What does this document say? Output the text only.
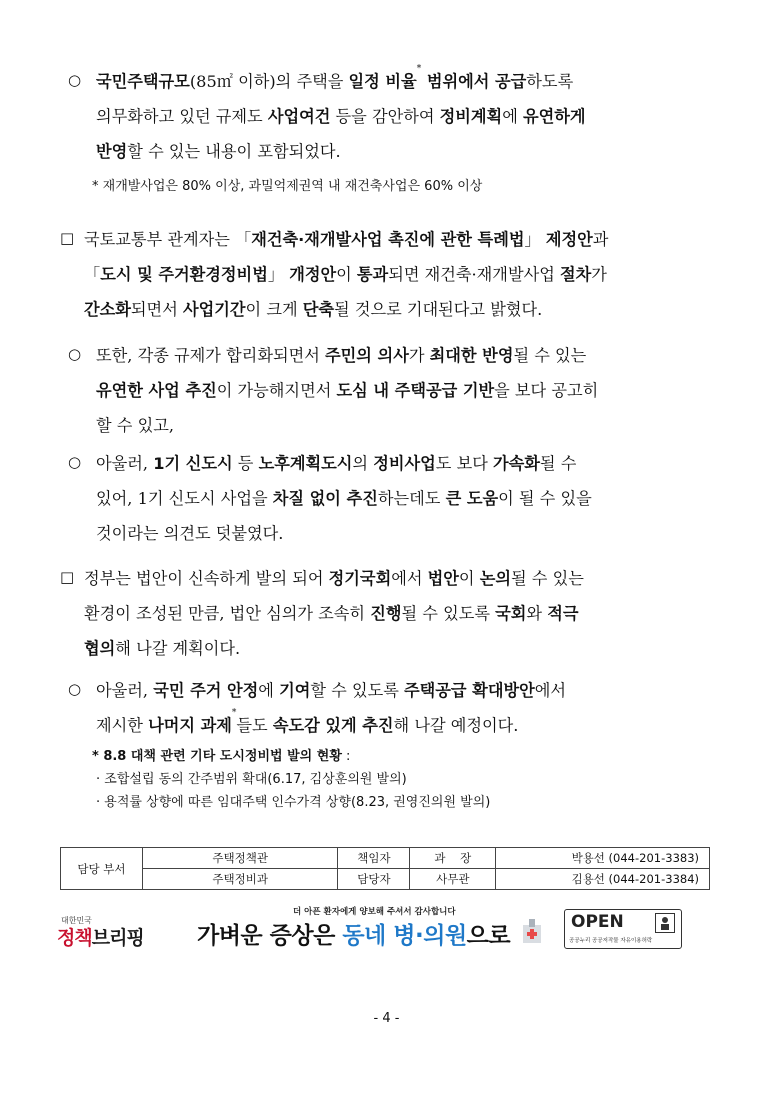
○ 국민주택규모(85㎡ 이하)의 주택을 일정 비율* 범위에서 공급하도록
의무화하고 있던 규제도 사업여건 등을 감안하여 정비계획에 유연하게
반영할 수 있는 내용이 포함되었다.
* 재개발사업은 80% 이상, 과밀억제권역 내 재건축사업은 60% 이상
□ 국토교통부 관계자는 「재건축·재개발사업 촉진에 관한 특례법」 제정안과
「도시 및 주거환경정비법」 개정안이 통과되면 재건축·재개발사업 절차가
간소화되면서 사업기간이 크게 단축될 것으로 기대된다고 밝혔다.
○ 또한, 각종 규제가 합리화되면서 주민의 의사가 최대한 반영될 수 있는
유연한 사업 추진이 가능해지면서 도심 내 주택공급 기반을 보다 공고히
할 수 있고,
○ 아울러, 1기 신도시 등 노후계획도시의 정비사업도 보다 가속화될 수
있어, 1기 신도시 사업을 차질 없이 추진하는데도 큰 도움이 될 수 있을
것이라는 의견도 덧붙였다.
□ 정부는 법안이 신속하게 발의 되어 정기국회에서 법안이 논의될 수 있는
환경이 조성된 만큼, 법안 심의가 조속히 진행될 수 있도록 국회와 적극
협의해 나갈 계획이다.
○ 아울러, 국민 주거 안정에 기여할 수 있도록 주택공급 확대방안에서
제시한 나머지 과제*들도 속도감 있게 추진해 나갈 예정이다.
* 8.8 대책 관련 기타 도시정비법 발의 현황 :
· 조합설립 동의 간주범위 확대(6.17, 김상훈의원 발의)
· 용적률 상향에 따른 임대주택 인수가격 상향(8.23, 권영진의원 발의)
담당 부서	주택정책관	책임자	과    장	박용선 (044-201-3383)
	주택정비과	담당자	사무관	김용선 (044-201-3384)
대한민국
정책브리핑
더 아픈 환자에게 양보해 주셔서 감사합니다
가벼운 증상은 동네 병·의원으로
OPEN
공공누리 공공저작물 자유이용허락
- 4 -
